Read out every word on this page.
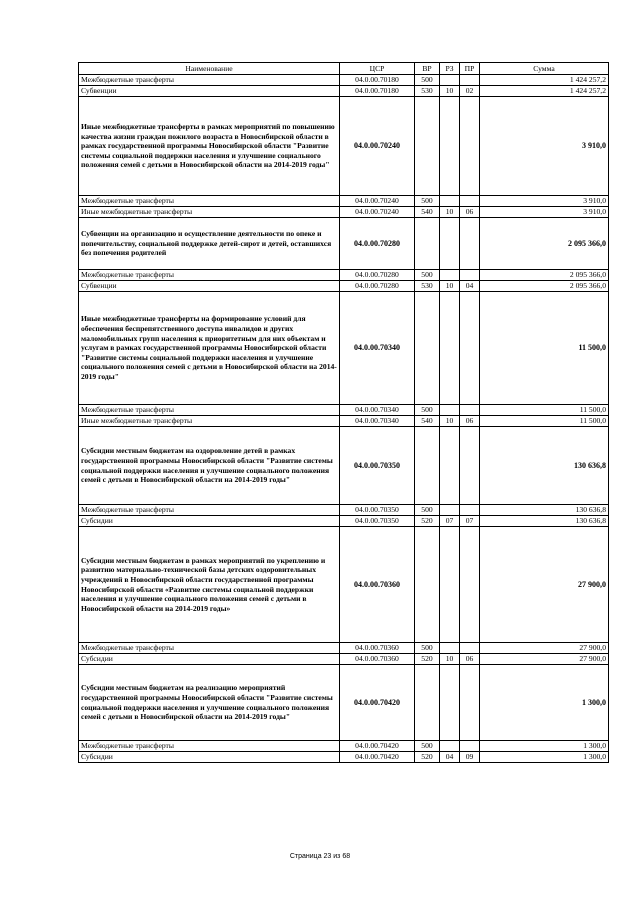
Наименование	ЦСР	ВР	РЗ	ПР	Сумма
Межбюджетные трансферты	04.0.00.70180	500			1 424 257,2
Субвенции	04.0.00.70180	530	10	02	1 424 257,2
Иные межбюджетные трансферты в рамках мероприятий по повышению качества жизни граждан пожилого возраста в Новосибирской области в рамках государственной программы Новосибирской области "Развитие системы социальной поддержки населения и улучшение социального положения семей с детьми в Новосибирской области на 2014-2019 годы"	04.0.00.70240				3 910,0
Межбюджетные трансферты	04.0.00.70240	500			3 910,0
Иные межбюджетные трансферты	04.0.00.70240	540	10	06	3 910,0
Субвенции на организацию и осуществление деятельности по опеке и попечительству, социальной поддержке детей-сирот и детей, оставшихся без попечения родителей	04.0.00.70280				2 095 366,0
Межбюджетные трансферты	04.0.00.70280	500			2 095 366,0
Субвенции	04.0.00.70280	530	10	04	2 095 366,0
Иные межбюджетные трансферты на формирование условий для обеспечения беспрепятственного доступа инвалидов и других маломобильных групп населения к приоритетным для них объектам и услугам в рамках государственной программы Новосибирской области "Развитие системы социальной поддержки населения и улучшение социального положения семей с детьми в Новосибирской области на 2014-2019 годы"	04.0.00.70340				11 500,0
Межбюджетные трансферты	04.0.00.70340	500			11 500,0
Иные межбюджетные трансферты	04.0.00.70340	540	10	06	11 500,0
Субсидии местным бюджетам на оздоровление детей в рамках государственной программы Новосибирской области "Развитие системы социальной поддержки населения и улучшение социального положения семей с детьми в Новосибирской области на 2014-2019 годы"	04.0.00.70350				130 636,8
Межбюджетные трансферты	04.0.00.70350	500			130 636,8
Субсидии	04.0.00.70350	520	07	07	130 636,8
Субсидии местным бюджетам в рамках мероприятий по укреплению и развитию материально-технической базы детских оздоровительных учреждений в Новосибирской области государственной программы Новосибирской области «Развитие системы социальной поддержки населения и улучшение социального положения семей с детьми в Новосибирской области на 2014-2019 годы»	04.0.00.70360				27 900,0
Межбюджетные трансферты	04.0.00.70360	500			27 900,0
Субсидии	04.0.00.70360	520	10	06	27 900,0
Субсидии местным бюджетам на реализацию мероприятий государственной программы Новосибирской области "Развитие системы социальной поддержки населения и улучшение социального положения семей с детьми в Новосибирской области на 2014-2019 годы"	04.0.00.70420				1 300,0
Межбюджетные трансферты	04.0.00.70420	500			1 300,0
Субсидии	04.0.00.70420	520	04	09	1 300,0
Страница 23 из 68
